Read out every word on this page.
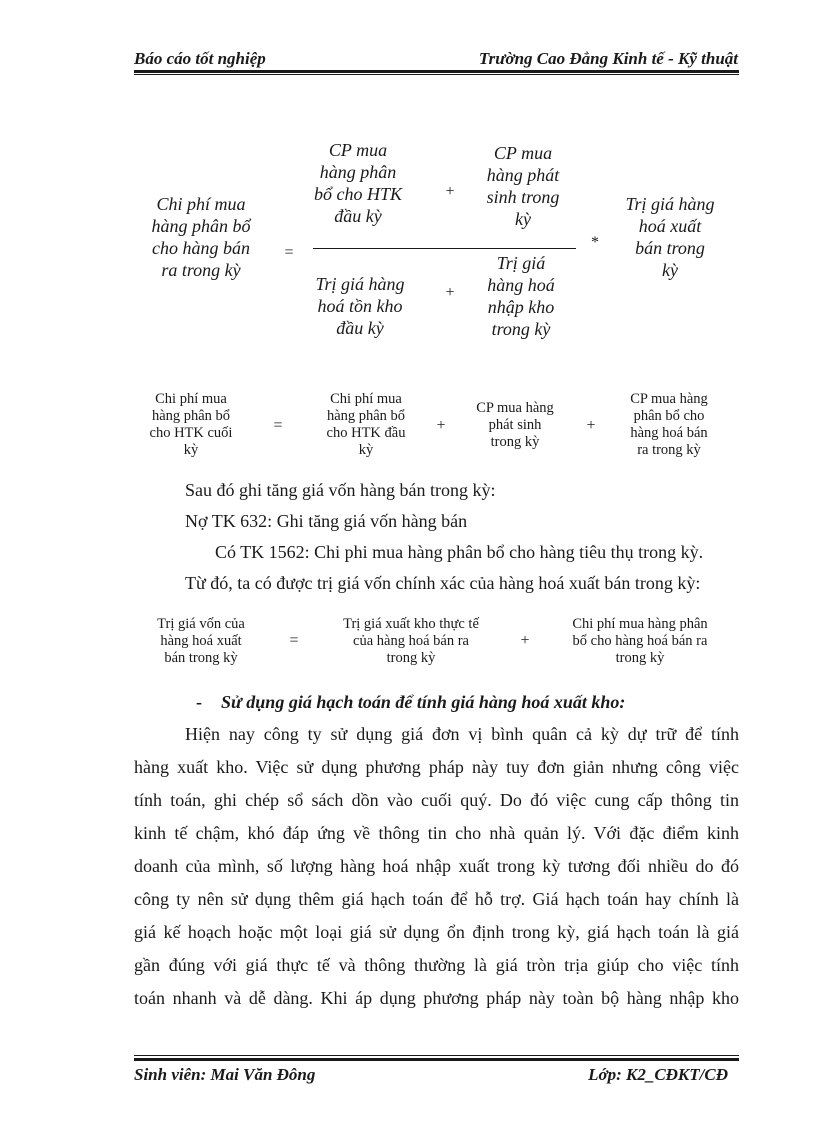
Báo cáo tốt nghiệp	Trường Cao Đẳng Kinh tế - Kỹ thuật
Chi phí mua
hàng phân bổ
cho hàng bán
ra trong kỳ
=
CP mua
hàng phân
bổ cho HTK
đầu kỳ
+
CP mua
hàng phát
sinh trong
kỳ
Trị giá hàng
hoá tồn kho
đầu kỳ
+
Trị giá
hàng hoá
nhập kho
trong kỳ
*
Trị giá hàng
hoá xuất
bán trong
kỳ
Chi phí mua
hàng phân bổ
cho HTK cuối
kỳ
=
Chi phí mua
hàng phân bổ
cho HTK đầu
kỳ
+
CP mua hàng
phát sinh
trong kỳ
+
CP mua hàng
phân bổ cho
hàng hoá bán
ra trong kỳ
Sau đó ghi tăng giá vốn hàng bán trong kỳ:
Nợ TK 632: Ghi tăng giá vốn hàng bán
Có TK 1562: Chi phi mua hàng phân bổ cho hàng tiêu thụ trong kỳ.
Từ đó, ta có được trị giá vốn chính xác của hàng hoá xuất bán trong kỳ:
Trị giá vốn của
hàng hoá xuất
bán trong kỳ
=
Trị giá xuất kho thực tế
của hàng hoá bán ra
trong kỳ
+
Chi phí mua hàng phân
bổ cho hàng hoá bán ra
trong kỳ
- Sử dụng giá hạch toán để tính giá hàng hoá xuất kho:
Hiện nay công ty sử dụng giá đơn vị bình quân cả kỳ dự trữ để tính
hàng xuất kho. Việc sử dụng phương pháp này tuy đơn giản nhưng công việc
tính toán, ghi chép sổ sách dồn vào cuối quý. Do đó việc cung cấp thông tin
kinh tế chậm, khó đáp ứng về thông tin cho nhà quản lý. Với đặc điểm kinh
doanh của mình, số lượng hàng hoá nhập xuất trong kỳ tương đối nhiều do đó
công ty nên sử dụng thêm giá hạch toán để hỗ trợ. Giá hạch toán hay chính là
giá kế hoạch hoặc một loại giá sử dụng ổn định trong kỳ, giá hạch toán là giá
gần đúng với giá thực tế và thông thường là giá tròn trịa giúp cho việc tính
toán nhanh và dễ dàng. Khi áp dụng phương pháp này toàn bộ hàng nhập kho
Sinh viên: Mai Văn Đông	Lớp: K2_CĐKT/CĐ
